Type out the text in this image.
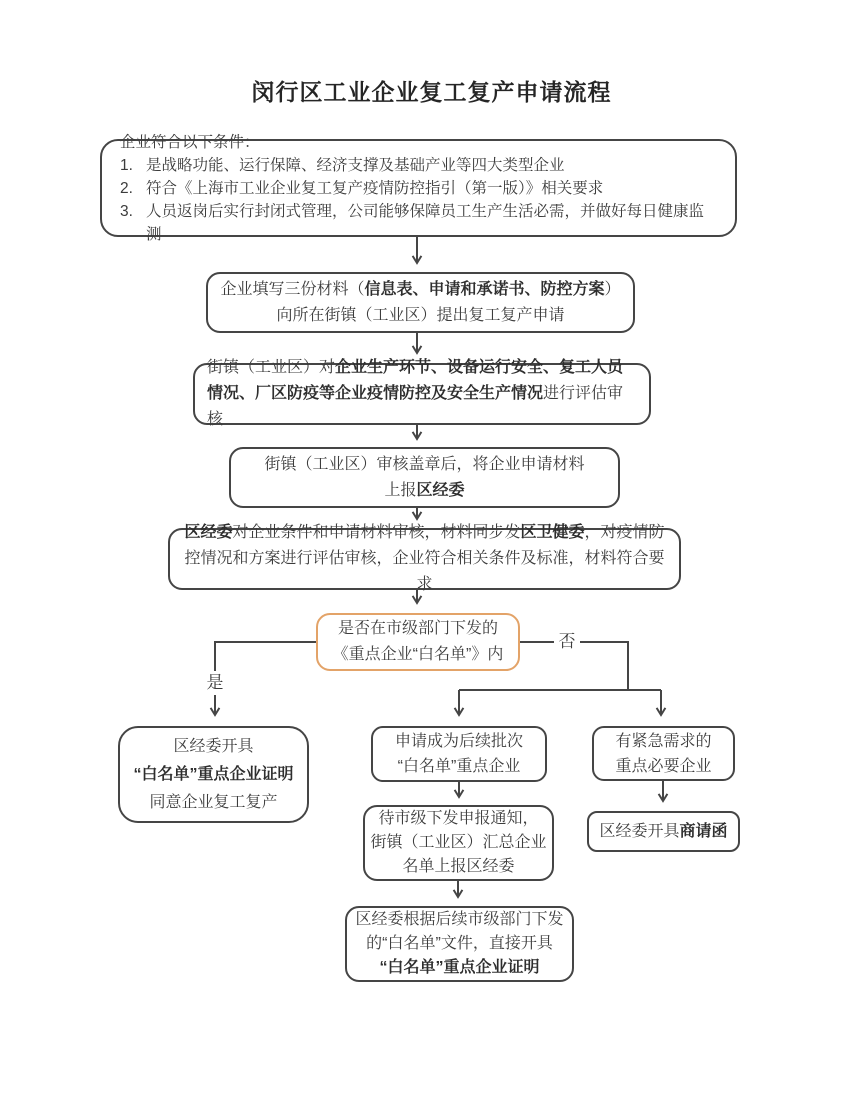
闵行区工业企业复工复产申请流程
企业符合以下条件：
1. 是战略功能、运行保障、经济支撑及基础产业等四大类型企业
2. 符合《上海市工业企业复工复产疫情防控指引（第一版）》相关要求
3. 人员返岗后实行封闭式管理，公司能够保障员工生产生活必需，并做好每日健康监测

企业填写三份材料（信息表、申请和承诺书、防控方案）

向所在街镇（工业区）提出复工复产申请

街镇（工业区）对企业生产环节、设备运行安全、复工人员情况、厂区防疫等企业疫情防控及安全生产情况进行评估审核

街镇（工业区）审核盖章后，将企业申请材料

上报区经委

区经委对企业条件和申请材料审核，材料同步发区卫健委，对疫情防控情况和方案进行评估审核，企业符合相关条件及标准，材料符合要求

是否在市级部门下发的

《重点企业“白名单”》内

是
否

区经委开具

“白名单”重点企业证明

同意企业复工复产

申请成为后续批次

“白名单”重点企业

有紧急需求的

重点必要企业

待市级下发申报通知，

街镇（工业区）汇总企业

名单上报区经委

区经委开具商请函

区经委根据后续市级部门下发

的“白名单”文件，直接开具

“白名单”重点企业证明
